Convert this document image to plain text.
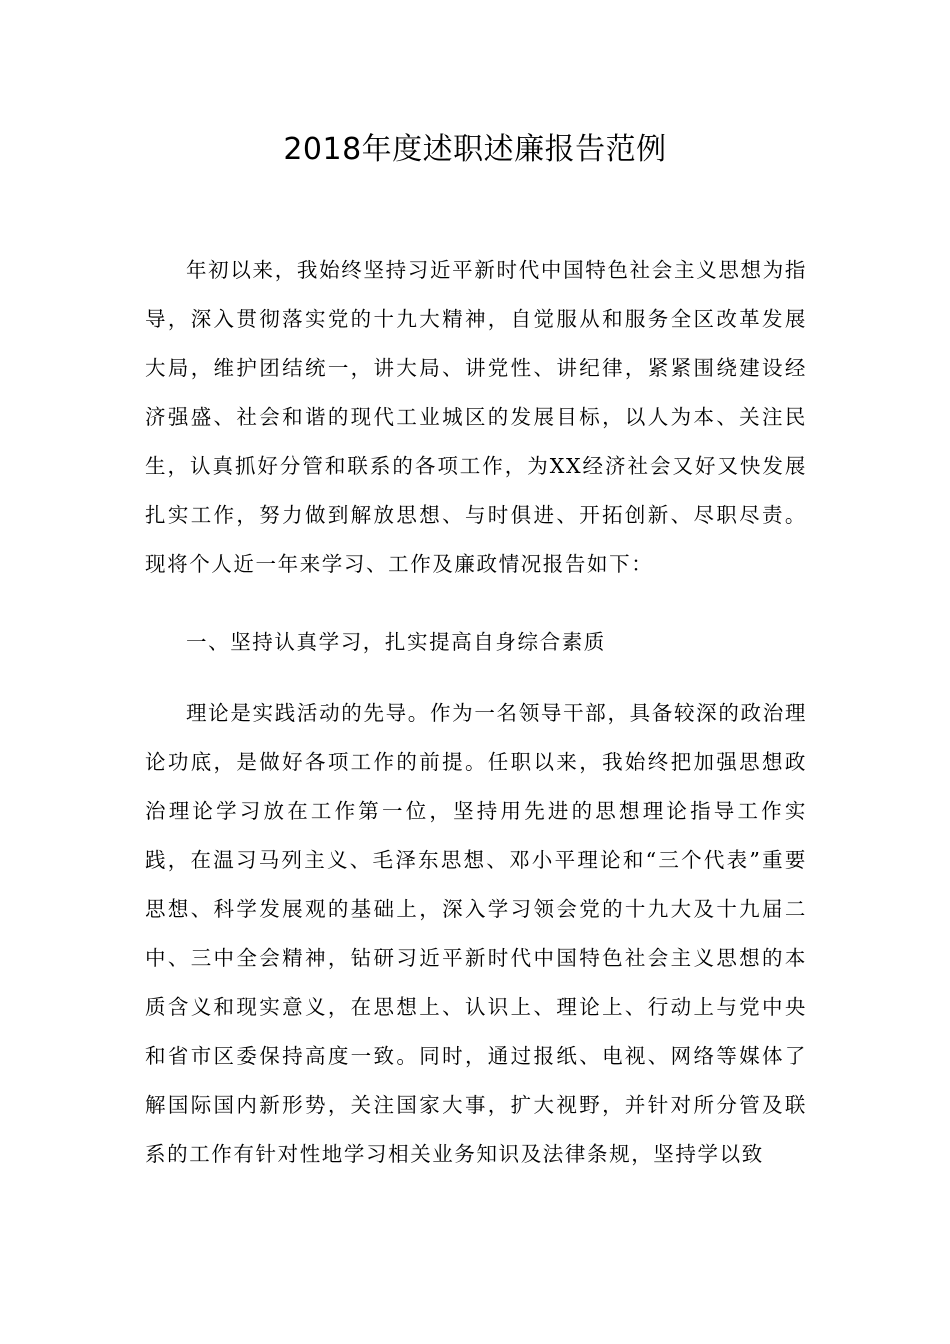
2018年度述职述廉报告范例

年初以来，我始终坚持习近平新时代中国特色社会主义思想为指导，深入贯彻落实党的十九大精神，自觉服从和服务全区改革发展大局，维护团结统一，讲大局、讲党性、讲纪律，紧紧围绕建设经济强盛、社会和谐的现代工业城区的发展目标，以人为本、关注民生，认真抓好分管和联系的各项工作，为XX经济社会又好又快发展扎实工作，努力做到解放思想、与时俱进、开拓创新、尽职尽责。现将个人近一年来学习、工作及廉政情况报告如下：

一、坚持认真学习，扎实提高自身综合素质

理论是实践活动的先导。作为一名领导干部，具备较深的政治理论功底，是做好各项工作的前提。任职以来，我始终把加强思想政治理论学习放在工作第一位，坚持用先进的思想理论指导工作实践，在温习马列主义、毛泽东思想、邓小平理论和“三个代表”重要思想、科学发展观的基础上，深入学习领会党的十九大及十九届二中、三中全会精神，钻研习近平新时代中国特色社会主义思想的本质含义和现实意义，在思想上、认识上、理论上、行动上与党中央和省市区委保持高度一致。同时，通过报纸、电视、网络等媒体了解国际国内新形势，关注国家大事，扩大视野，并针对所分管及联系的工作有针对性地学习相关业务知识及法律条规，坚持学以致
